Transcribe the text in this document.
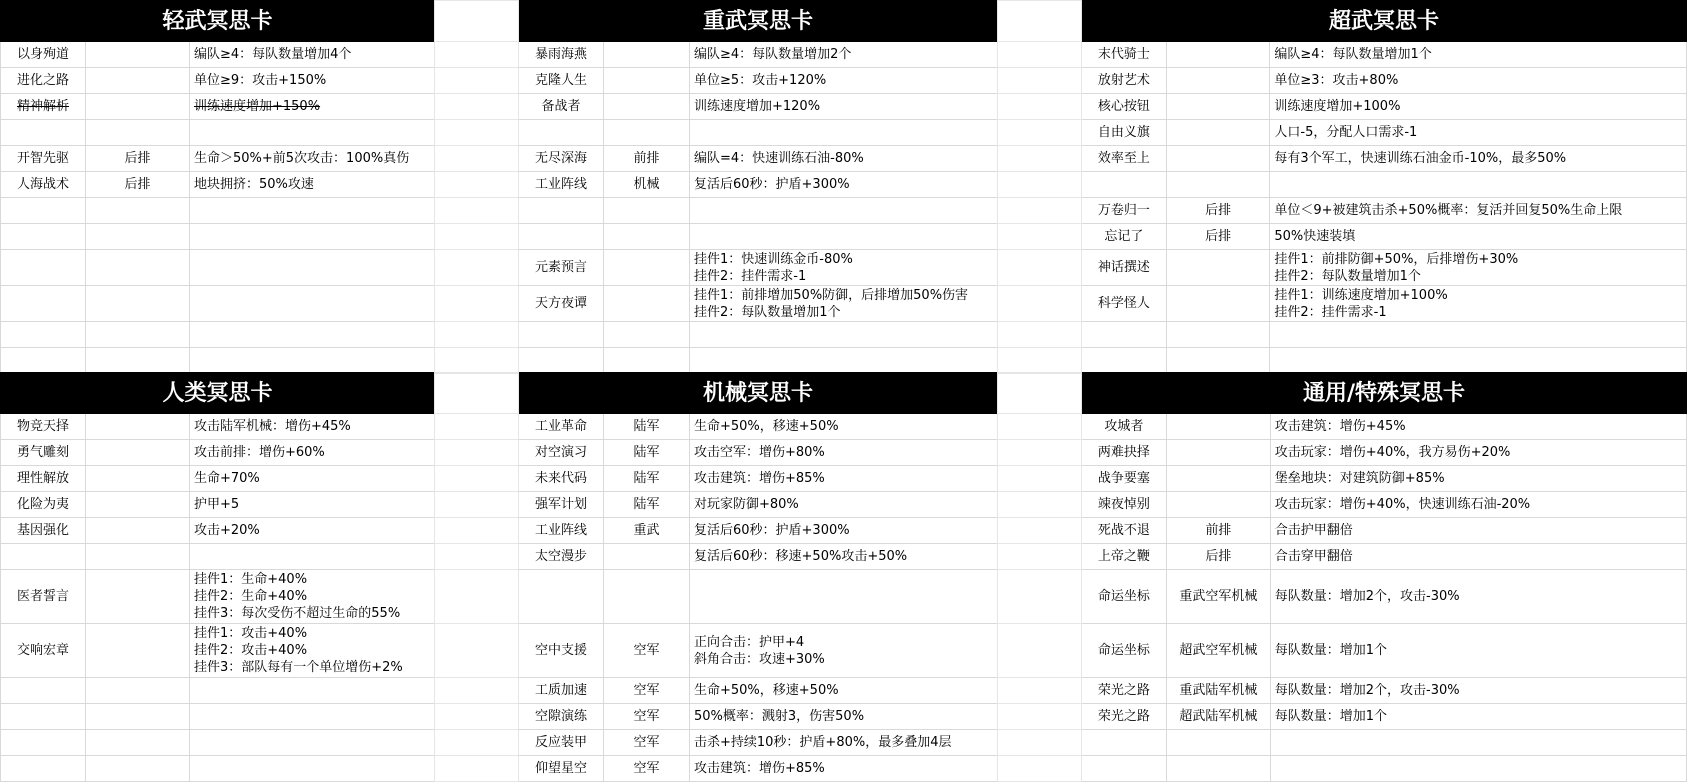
轻武冥思卡		
以身殉道		编队≥4：每队数量增加4个

进化之路		单位≥9：攻击+150%

精神解析		训练速度增加+150%

开智先驱	后排	生命＞50%+前5次攻击：100%真伤

人海战术	后排	地块拥挤：50%攻速

重武冥思卡		
暴雨海燕		编队≥4：每队数量增加2个

克隆人生		单位≥5：攻击+120%

备战者		训练速度增加+120%

无尽深海	前排	编队=4：快速训练石油-80%

工业阵线	机械	复活后60秒：护盾+300%

元素预言		挂件1：快速训练金币-80%
挂件2：挂件需求-1

天方夜谭		挂件1：前排增加50%防御，后排增加50%伤害
挂件2：每队数量增加1个

超武冥思卡		
末代骑士		编队≥4：每队数量增加1个

放射艺术		单位≥3：攻击+80%

核心按钮		训练速度增加+100%

自由义旗		人口-5，分配人口需求-1

效率至上		每有3个军工，快速训练石油金币-10%，最多50%

万卷归一	后排	单位＜9+被建筑击杀+50%概率：复活并回复50%生命上限

忘记了	后排	50%快速装填

神话撰述		挂件1：前排防御+50%，后排增伤+30%
挂件2：每队数量增加1个

科学怪人		挂件1：训练速度增加+100%
挂件2：挂件需求-1

人类冥思卡		
物竞天择		攻击陆军机械：增伤+45%

勇气雕刻		攻击前排：增伤+60%

理性解放		生命+70%

化险为夷		护甲+5

基因强化		攻击+20%

医者誓言		挂件1：生命+40%
挂件2：生命+40%
挂件3：每次受伤不超过生命的55%

交响宏章		挂件1：攻击+40%
挂件2：攻击+40%
挂件3：部队每有一个单位增伤+2%

机械冥思卡		
工业革命	陆军	生命+50%，移速+50%

对空演习	陆军	攻击空军：增伤+80%

未来代码	陆军	攻击建筑：增伤+85%

强军计划	陆军	对玩家防御+80%

工业阵线	重武	复活后60秒：护盾+300%

太空漫步		复活后60秒：移速+50%攻击+50%

空中支援	空军	正向合击：护甲+4
斜角合击：攻速+30%

工质加速	空军	生命+50%，移速+50%

空隙演练	空军	50%概率：溅射3，伤害50%

反应装甲	空军	击杀+持续10秒：护盾+80%，最多叠加4层

仰望星空	空军	攻击建筑：增伤+85%
通用/特殊冥思卡		
攻城者		攻击建筑：增伤+45%

两难抉择		攻击玩家：增伤+40%，我方易伤+20%

战争要塞		堡垒地块：对建筑防御+85%

竦夜悼别		攻击玩家：增伤+40%，快速训练石油-20%

死战不退	前排	合击护甲翻倍

上帝之鞭	后排	合击穿甲翻倍

命运坐标	重武空军机械	每队数量：增加2个，攻击-30%

命运坐标	超武空军机械	每队数量：增加1个

荣光之路	重武陆军机械	每队数量：增加2个，攻击-30%

荣光之路	超武陆军机械	每队数量：增加1个
